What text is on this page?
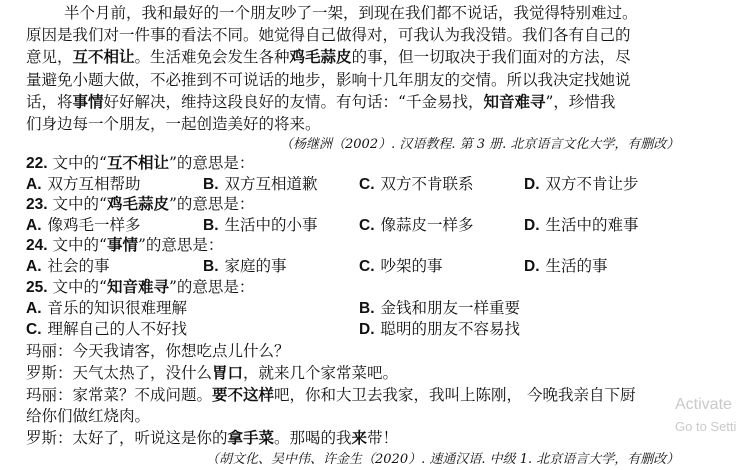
半个月前，我和最好的一个朋友吵了一架，到现在我们都不说话，我觉得特别难过。
原因是我们对一件事的看法不同。她觉得自己做得对，可我认为我没错。我们各有自己的
意见，互不相让。生活难免会发生各种鸡毛蒜皮的事，但一切取决于我们面对的方法，尽
量避免小题大做，不必推到不可说话的地步，影响十几年朋友的交情。所以我决定找她说
话，将事情好好解决，维持这段良好的友情。有句话：“千金易找，知音难寻”，珍惜我
们身边每一个朋友，一起创造美好的将来。
（杨继洲（2002）. 汉语教程. 第 3 册. 北京语言文化大学，有删改）
22. 文中的“互不相让”的意思是：
A. 双方互相帮助	B. 双方互相道歉	C. 双方不肯联系	D. 双方不肯让步
23. 文中的“鸡毛蒜皮”的意思是：
A. 像鸡毛一样多	B. 生活中的小事	C. 像蒜皮一样多	D. 生活中的难事
24. 文中的“事情”的意思是：
A. 社会的事	B. 家庭的事	C. 吵架的事	D. 生活的事
25. 文中的“知音难寻”的意思是：
A. 音乐的知识很难理解	B. 金钱和朋友一样重要
C. 理解自己的人不好找	D. 聪明的朋友不容易找
玛丽：今天我请客，你想吃点儿什么？
罗斯：天气太热了，没什么胃口，就来几个家常菜吧。
玛丽：家常菜？不成问题。要不这样吧，你和大卫去我家，我叫上陈刚， 今晚我亲自下厨
给你们做红烧肉。
罗斯：太好了，听说这是你的拿手菜。那喝的我来带！
（胡文化、吴中伟、许金生（2020）. 速通汉语. 中级 1. 北京语言大学，有删改）
Activate
Go to Setti
